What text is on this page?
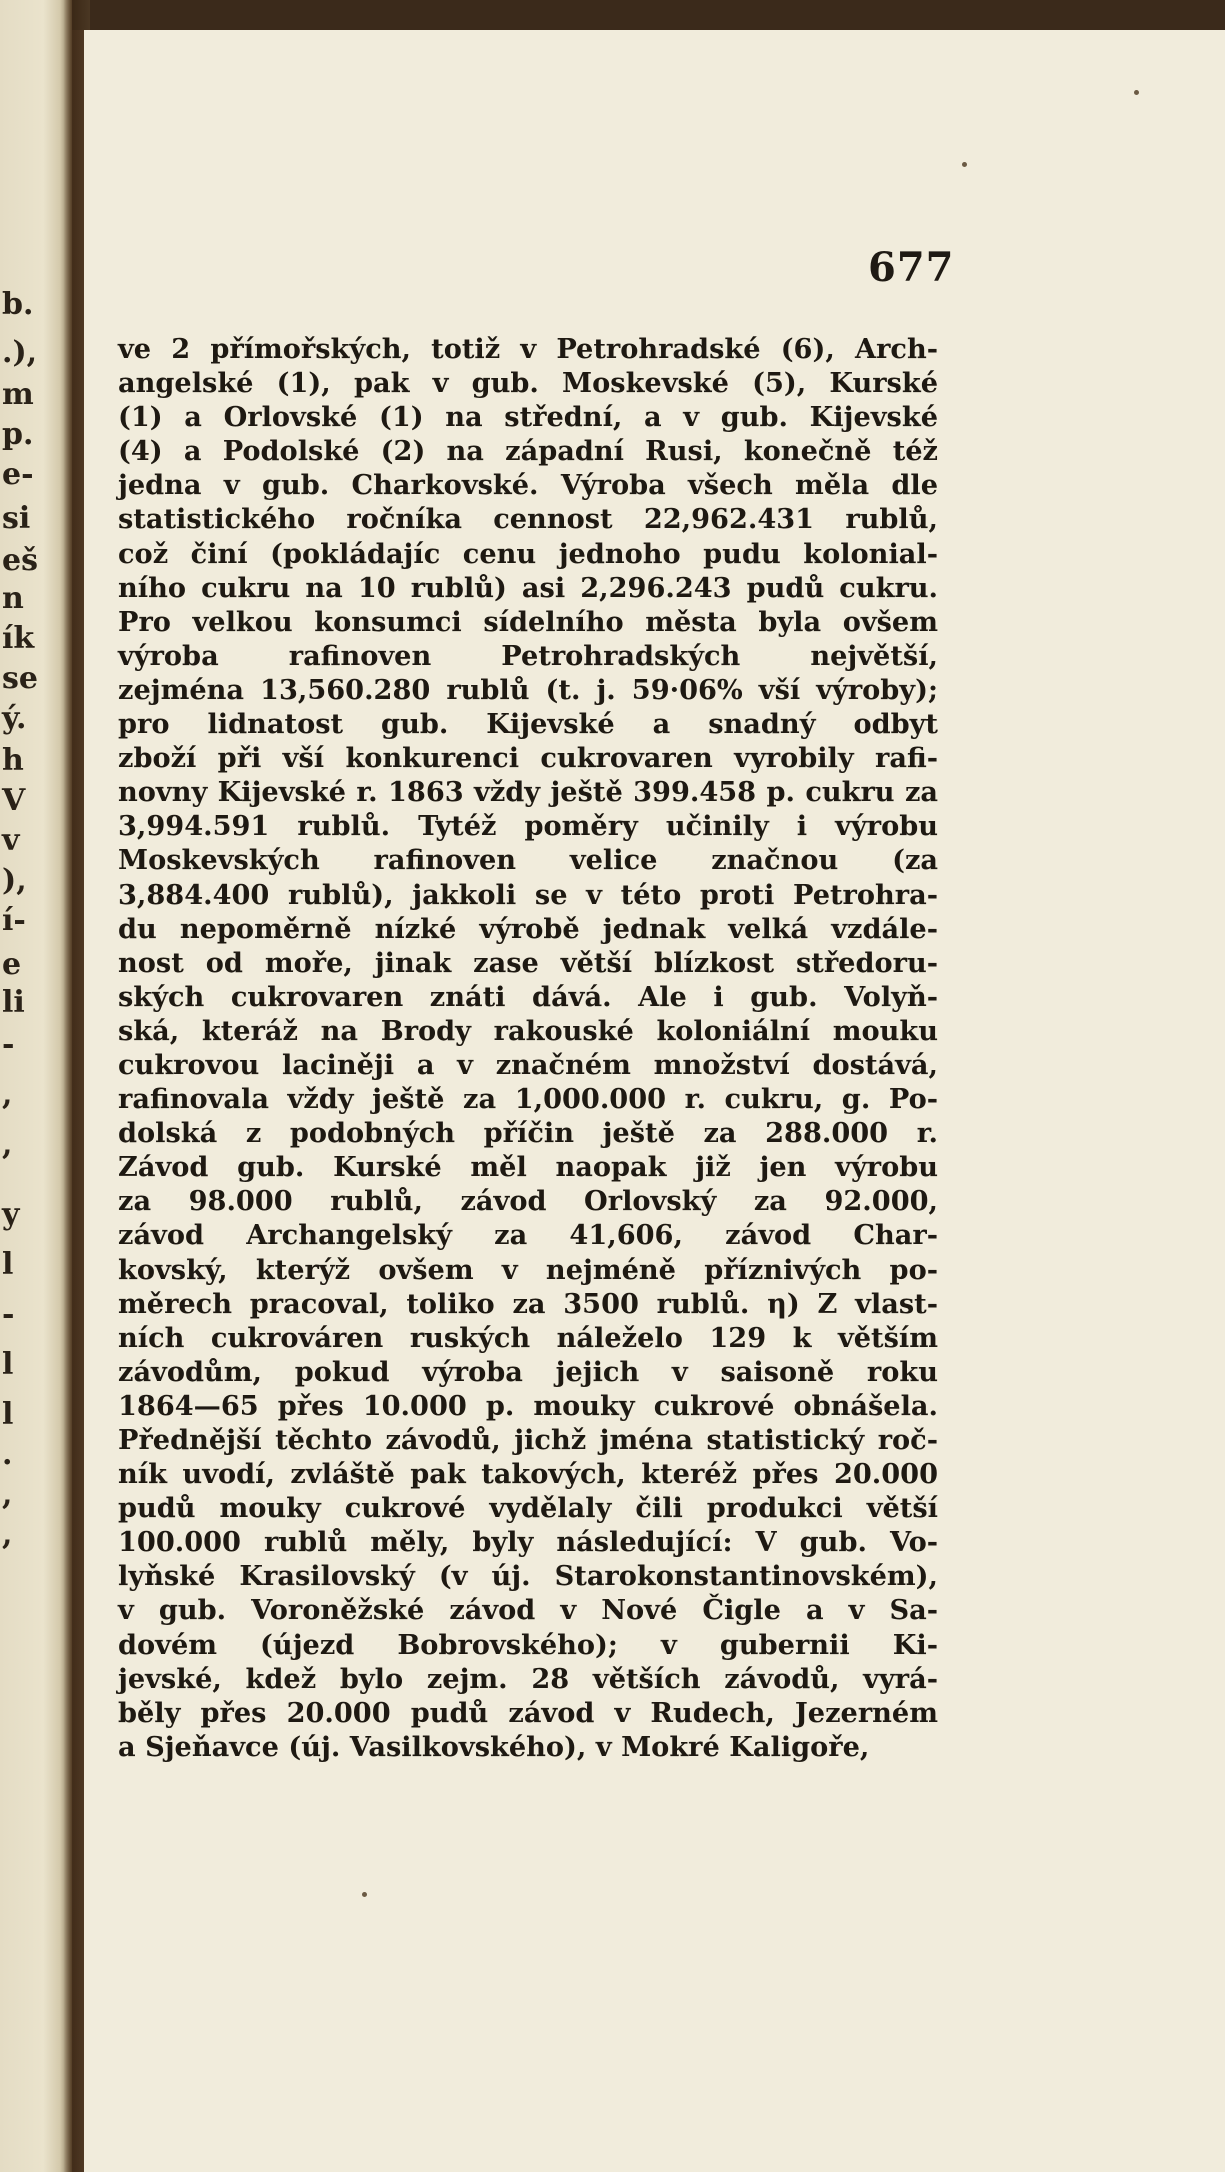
b.
.),
m
p.
e-
si
eš
n
ík
se
ý.
h
V
v
),
í-
e
li
-
,
,
y
l
-
l
l
.
,
,
677
ve 2 přímořských, totiž v Petrohradské (6), Arch-
angelské (1), pak v gub. Moskevské (5), Kurské
(1) a Orlovské (1) na střední, a v gub. Kijevské
(4) a Podolské (2) na západní Rusi, konečně též
jedna v gub. Charkovské. Výroba všech měla dle
statistického ročníka cennost 22,962.431 rublů,
což činí (pokládajíc cenu jednoho pudu kolonial-
ního cukru na 10 rublů) asi 2,296.243 pudů cukru.
Pro velkou konsumci sídelního města byla ovšem
výroba rafinoven Petrohradských největší,
zejména 13,560.280 rublů (t. j. 59·06% vší výroby);
pro lidnatost gub. Kijevské a snadný odbyt
zboží při vší konkurenci cukrovaren vyrobily rafi-
novny Kijevské r. 1863 vždy ještě 399.458 p. cukru za
3,994.591 rublů. Tytéž poměry učinily i výrobu
Moskevských rafinoven velice značnou (za
3,884.400 rublů), jakkoli se v této proti Petrohra-
du nepoměrně nízké výrobě jednak velká vzdále-
nost od moře, jinak zase větší blízkost středoru-
ských cukrovaren znáti dává. Ale i gub. Volyň-
ská, kteráž na Brody rakouské koloniální mouku
cukrovou laciněji a v značném množství dostává,
rafinovala vždy ještě za 1,000.000 r. cukru, g. Po-
dolská z podobných příčin ještě za 288.000 r.
Závod gub. Kurské měl naopak již jen výrobu
za 98.000 rublů, závod Orlovský za 92.000,
závod Archangelský za 41,606, závod Char-
kovský, kterýž ovšem v nejméně příznivých po-
měrech pracoval, toliko za 3500 rublů. η) Z vlast-
ních cukrováren ruských náleželo 129 k větším
závodům, pokud výroba jejich v saisoně roku
1864—65 přes 10.000 p. mouky cukrové obnášela.
Přednější těchto závodů, jichž jména statistický roč-
ník uvodí, zvláště pak takových, kteréž přes 20.000
pudů mouky cukrové vydělaly čili produkci větší
100.000 rublů měly, byly následující: V gub. Vo-
lyňské Krasilovský (v új. Starokonstantinovském),
v gub. Voroněžské závod v Nové Čigle a v Sa-
dovém (újezd Bobrovského); v gubernii Ki-
jevské, kdež bylo zejm. 28 větších závodů, vyrá-
běly přes 20.000 pudů závod v Rudech, Jezerném
a Sjeňavce (új. Vasilkovského), v Mokré Kaligoře,
